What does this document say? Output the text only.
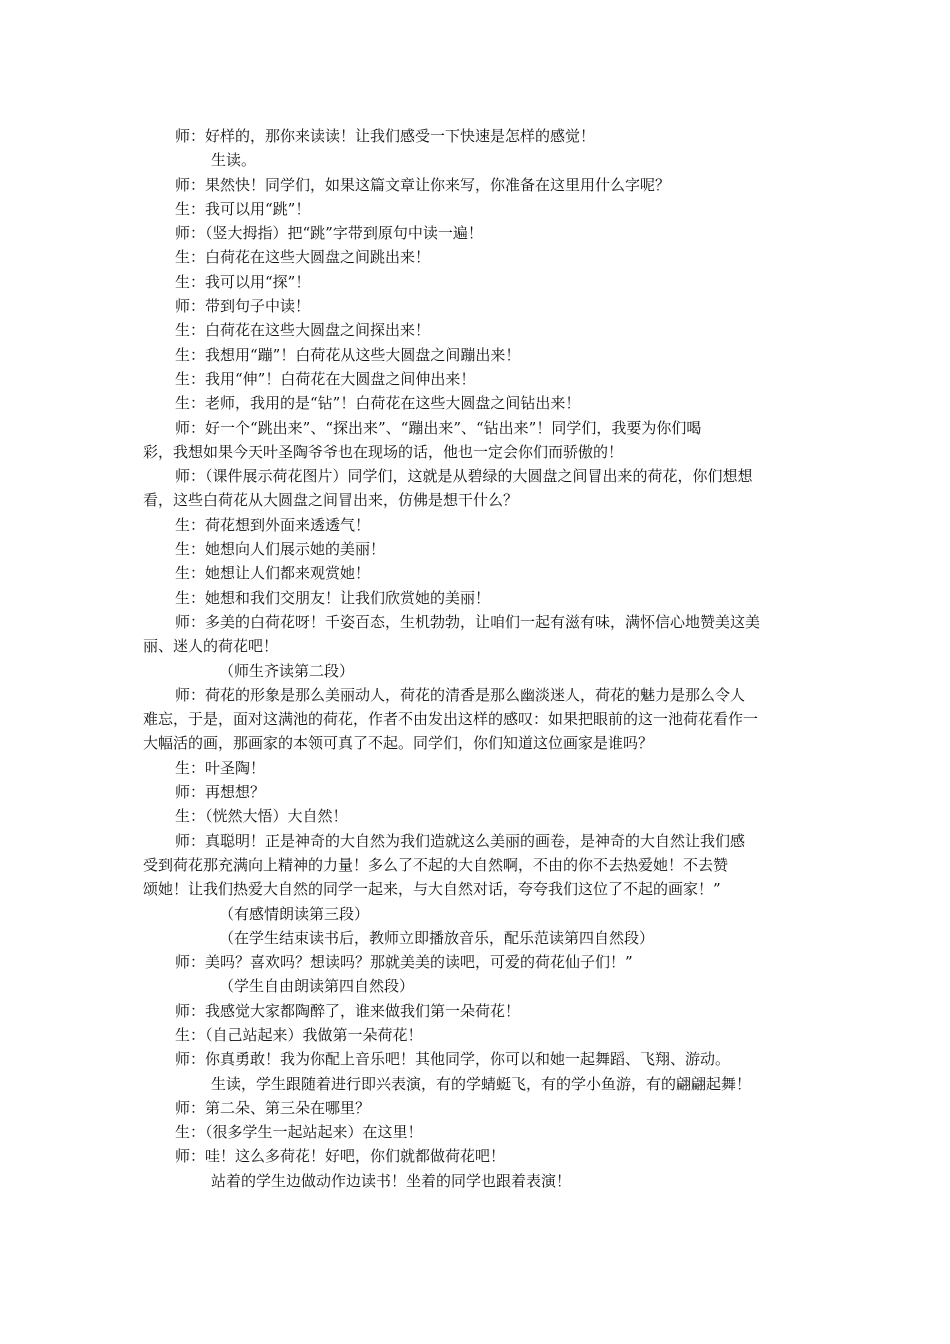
师：好样的，那你来读读！让我们感受一下快速是怎样的感觉！
生读。
师：果然快！同学们，如果这篇文章让你来写，你准备在这里用什么字呢？
生：我可以用“跳”！
师：（竖大拇指）把“跳”字带到原句中读一遍！
生：白荷花在这些大圆盘之间跳出来！
生：我可以用“探”！
师：带到句子中读！
生：白荷花在这些大圆盘之间探出来！
生：我想用“蹦”！白荷花从这些大圆盘之间蹦出来！
生：我用“伸”！白荷花在大圆盘之间伸出来！
生：老师，我用的是“钻”！白荷花在这些大圆盘之间钻出来！
师：好一个“跳出来”、“探出来”、“蹦出来”、“钻出来”！同学们，我要为你们喝
彩，我想如果今天叶圣陶爷爷也在现场的话，他也一定会你们而骄傲的！
师：（课件展示荷花图片）同学们，这就是从碧绿的大圆盘之间冒出来的荷花，你们想想
看，这些白荷花从大圆盘之间冒出来，仿佛是想干什么？
生：荷花想到外面来透透气！
生：她想向人们展示她的美丽！
生：她想让人们都来观赏她！
生：她想和我们交朋友！让我们欣赏她的美丽！
师：多美的白荷花呀！千姿百态，生机勃勃，让咱们一起有滋有味，满怀信心地赞美这美
丽、迷人的荷花吧！
（师生齐读第二段）
师：荷花的形象是那么美丽动人，荷花的清香是那么幽淡迷人，荷花的魅力是那么令人
难忘，于是，面对这满池的荷花，作者不由发出这样的感叹：如果把眼前的这一池荷花看作一
大幅活的画，那画家的本领可真了不起。同学们，你们知道这位画家是谁吗？
生：叶圣陶！
师：再想想？
生：（恍然大悟）大自然！
师：真聪明！正是神奇的大自然为我们造就这么美丽的画卷，是神奇的大自然让我们感
受到荷花那充满向上精神的力量！多么了不起的大自然啊，不由的你不去热爱她！不去赞
颂她！让我们热爱大自然的同学一起来，与大自然对话，夸夸我们这位了不起的画家！”
（有感情朗读第三段）
（在学生结束读书后，教师立即播放音乐，配乐范读第四自然段）
师：美吗？喜欢吗？想读吗？那就美美的读吧，可爱的荷花仙子们！”
（学生自由朗读第四自然段）
师：我感觉大家都陶醉了，谁来做我们第一朵荷花！
生：（自己站起来）我做第一朵荷花！
师：你真勇敢！我为你配上音乐吧！其他同学，你可以和她一起舞蹈、飞翔、游动。
生读，学生跟随着进行即兴表演，有的学蜻蜓飞，有的学小鱼游，有的翩翩起舞！
师：第二朵、第三朵在哪里？
生：（很多学生一起站起来）在这里！
师：哇！这么多荷花！好吧，你们就都做荷花吧！
站着的学生边做动作边读书！坐着的同学也跟着表演！
